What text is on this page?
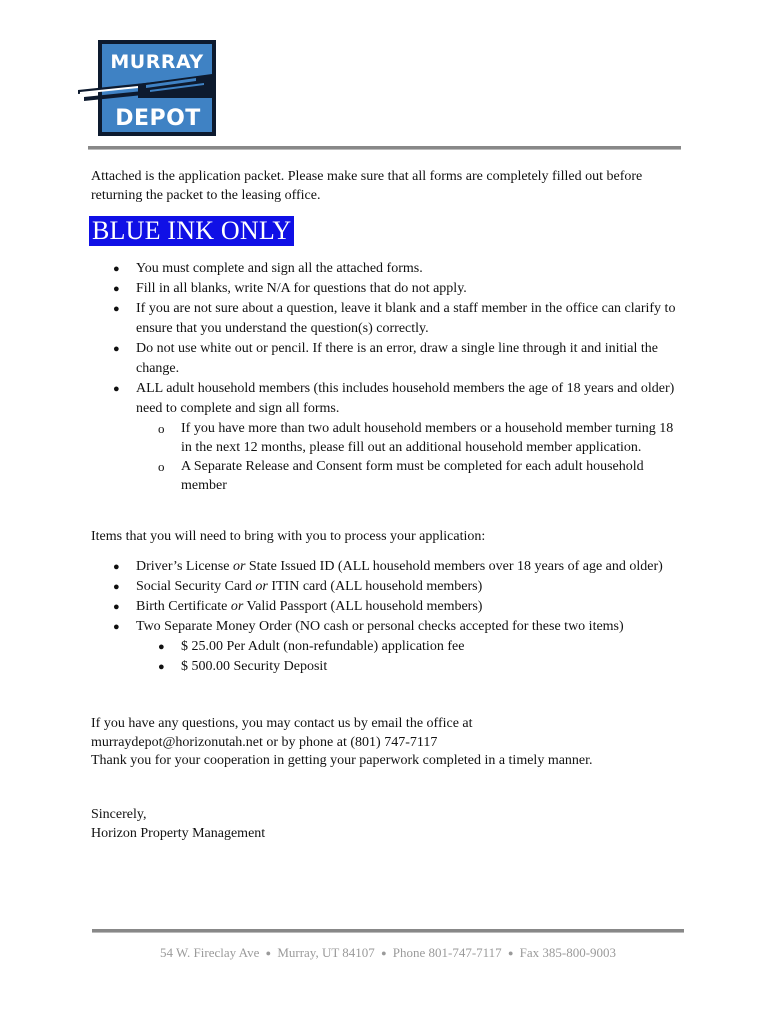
MURRAY
DEPOT
Attached is the application packet. Please make sure that all forms are completely filled out before returning the packet to the leasing office.
BLUE INK ONLY
● You must complete and sign all the attached forms.
● Fill in all blanks, write N/A for questions that do not apply.
● If you are not sure about a question, leave it blank and a staff member in the office can clarify to ensure that you understand the question(s) correctly.
● Do not use white out or pencil. If there is an error, draw a single line through it and initial the change.
● ALL adult household members (this includes household members the age of 18 years and older) need to complete and sign all forms.
o If you have more than two adult household members or a household member turning 18 in the next 12 months, please fill out an additional household member application.
o A Separate Release and Consent form must be completed for each adult household member
Items that you will need to bring with you to process your application:
● Driver’s License or State Issued ID (ALL household members over 18 years of age and older)
● Social Security Card or ITIN card (ALL household members)
● Birth Certificate or Valid Passport (ALL household members)
● Two Separate Money Order (NO cash or personal checks accepted for these two items)
● $ 25.00 Per Adult (non-refundable) application fee
● $ 500.00 Security Deposit
If you have any questions, you may contact us by email the office at
murraydepot@horizonutah.net or by phone at (801) 747-7117
Thank you for your cooperation in getting your paperwork completed in a timely manner.
Sincerely,
Horizon Property Management
54 W. Fireclay Ave ● Murray, UT 84107 ● Phone 801-747-7117 ● Fax 385-800-9003
